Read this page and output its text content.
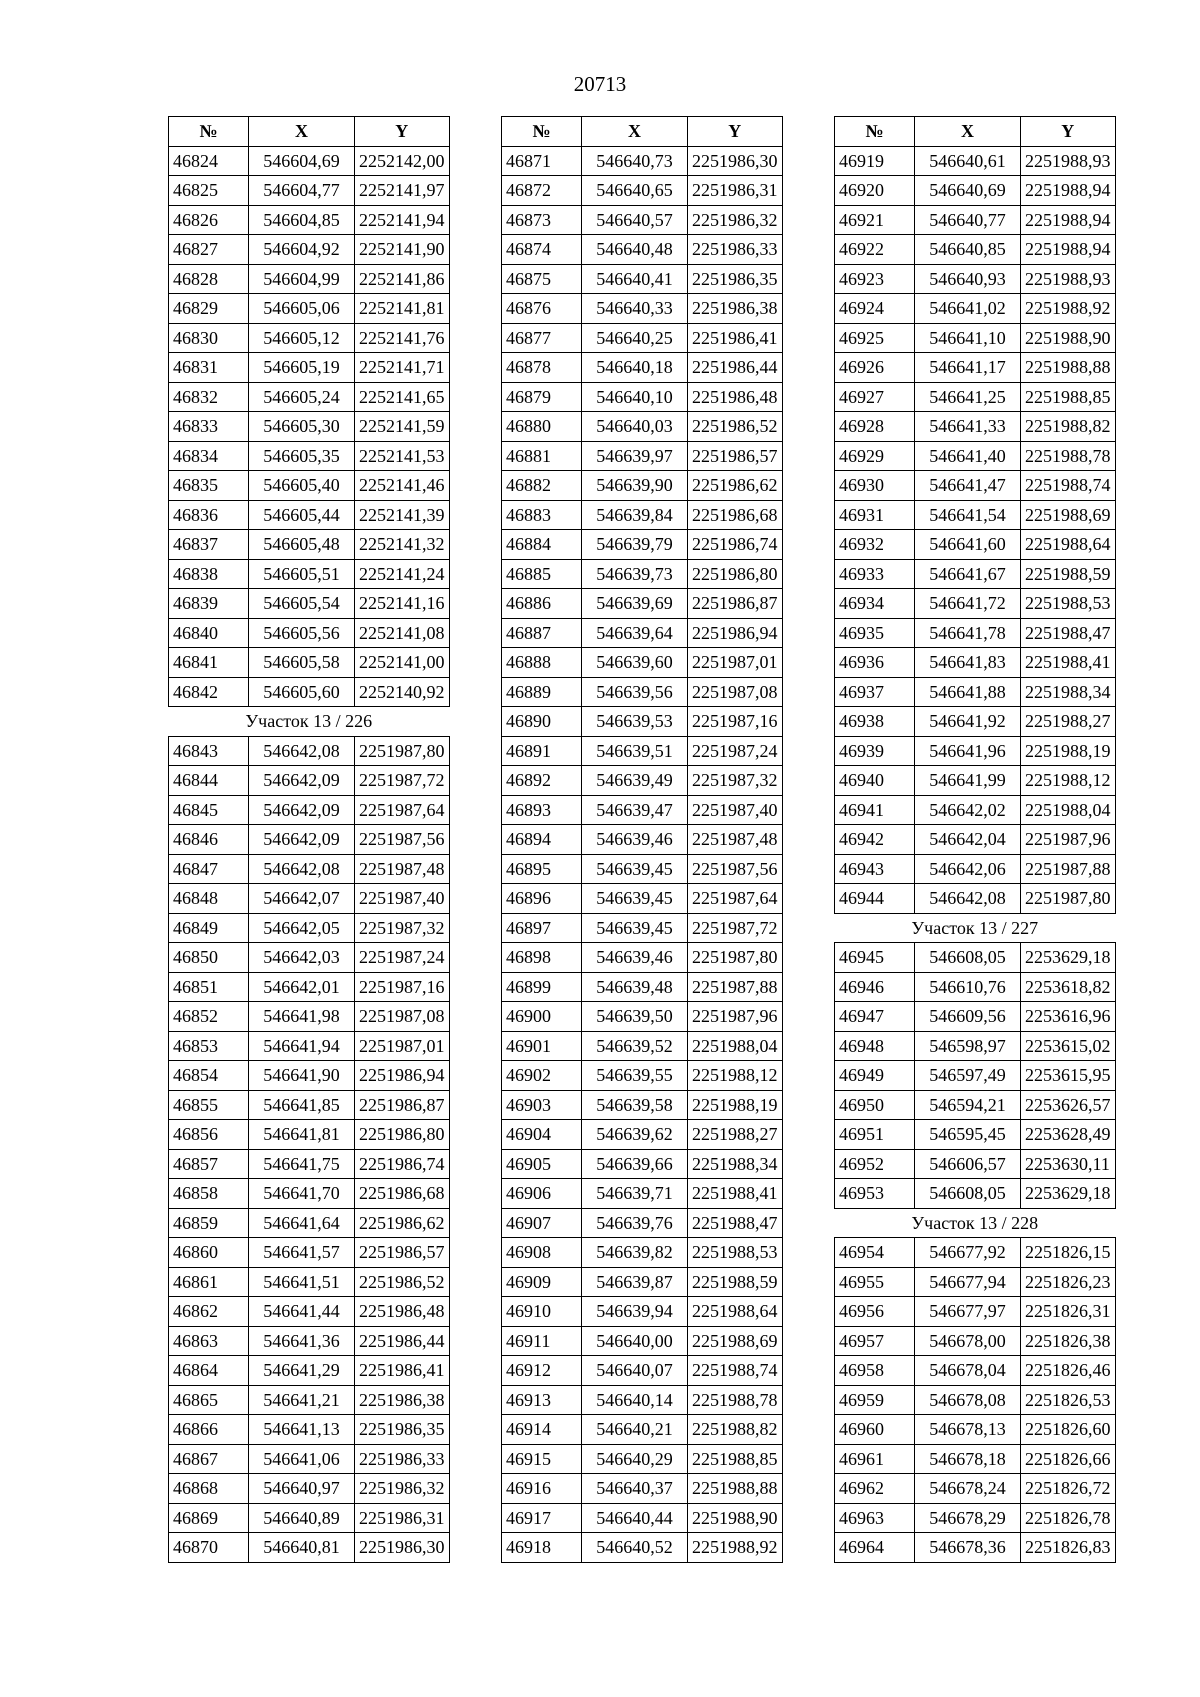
20713
№	X	Y
46824	546604,69	2252142,00
46825	546604,77	2252141,97
46826	546604,85	2252141,94
46827	546604,92	2252141,90
46828	546604,99	2252141,86
46829	546605,06	2252141,81
46830	546605,12	2252141,76
46831	546605,19	2252141,71
46832	546605,24	2252141,65
46833	546605,30	2252141,59
46834	546605,35	2252141,53
46835	546605,40	2252141,46
46836	546605,44	2252141,39
46837	546605,48	2252141,32
46838	546605,51	2252141,24
46839	546605,54	2252141,16
46840	546605,56	2252141,08
46841	546605,58	2252141,00
46842	546605,60	2252140,92
Участок 13 / 226		
46843	546642,08	2251987,80
46844	546642,09	2251987,72
46845	546642,09	2251987,64
46846	546642,09	2251987,56
46847	546642,08	2251987,48
46848	546642,07	2251987,40
46849	546642,05	2251987,32
46850	546642,03	2251987,24
46851	546642,01	2251987,16
46852	546641,98	2251987,08
46853	546641,94	2251987,01
46854	546641,90	2251986,94
46855	546641,85	2251986,87
46856	546641,81	2251986,80
46857	546641,75	2251986,74
46858	546641,70	2251986,68
46859	546641,64	2251986,62
46860	546641,57	2251986,57
46861	546641,51	2251986,52
46862	546641,44	2251986,48
46863	546641,36	2251986,44
46864	546641,29	2251986,41
46865	546641,21	2251986,38
46866	546641,13	2251986,35
46867	546641,06	2251986,33
46868	546640,97	2251986,32
46869	546640,89	2251986,31
46870	546640,81	2251986,30
№	X	Y
46871	546640,73	2251986,30
46872	546640,65	2251986,31
46873	546640,57	2251986,32
46874	546640,48	2251986,33
46875	546640,41	2251986,35
46876	546640,33	2251986,38
46877	546640,25	2251986,41
46878	546640,18	2251986,44
46879	546640,10	2251986,48
46880	546640,03	2251986,52
46881	546639,97	2251986,57
46882	546639,90	2251986,62
46883	546639,84	2251986,68
46884	546639,79	2251986,74
46885	546639,73	2251986,80
46886	546639,69	2251986,87
46887	546639,64	2251986,94
46888	546639,60	2251987,01
46889	546639,56	2251987,08
46890	546639,53	2251987,16
46891	546639,51	2251987,24
46892	546639,49	2251987,32
46893	546639,47	2251987,40
46894	546639,46	2251987,48
46895	546639,45	2251987,56
46896	546639,45	2251987,64
46897	546639,45	2251987,72
46898	546639,46	2251987,80
46899	546639,48	2251987,88
46900	546639,50	2251987,96
46901	546639,52	2251988,04
46902	546639,55	2251988,12
46903	546639,58	2251988,19
46904	546639,62	2251988,27
46905	546639,66	2251988,34
46906	546639,71	2251988,41
46907	546639,76	2251988,47
46908	546639,82	2251988,53
46909	546639,87	2251988,59
46910	546639,94	2251988,64
46911	546640,00	2251988,69
46912	546640,07	2251988,74
46913	546640,14	2251988,78
46914	546640,21	2251988,82
46915	546640,29	2251988,85
46916	546640,37	2251988,88
46917	546640,44	2251988,90
46918	546640,52	2251988,92
№	X	Y
46919	546640,61	2251988,93
46920	546640,69	2251988,94
46921	546640,77	2251988,94
46922	546640,85	2251988,94
46923	546640,93	2251988,93
46924	546641,02	2251988,92
46925	546641,10	2251988,90
46926	546641,17	2251988,88
46927	546641,25	2251988,85
46928	546641,33	2251988,82
46929	546641,40	2251988,78
46930	546641,47	2251988,74
46931	546641,54	2251988,69
46932	546641,60	2251988,64
46933	546641,67	2251988,59
46934	546641,72	2251988,53
46935	546641,78	2251988,47
46936	546641,83	2251988,41
46937	546641,88	2251988,34
46938	546641,92	2251988,27
46939	546641,96	2251988,19
46940	546641,99	2251988,12
46941	546642,02	2251988,04
46942	546642,04	2251987,96
46943	546642,06	2251987,88
46944	546642,08	2251987,80
Участок 13 / 227		
46945	546608,05	2253629,18
46946	546610,76	2253618,82
46947	546609,56	2253616,96
46948	546598,97	2253615,02
46949	546597,49	2253615,95
46950	546594,21	2253626,57
46951	546595,45	2253628,49
46952	546606,57	2253630,11
46953	546608,05	2253629,18
Участок 13 / 228		
46954	546677,92	2251826,15
46955	546677,94	2251826,23
46956	546677,97	2251826,31
46957	546678,00	2251826,38
46958	546678,04	2251826,46
46959	546678,08	2251826,53
46960	546678,13	2251826,60
46961	546678,18	2251826,66
46962	546678,24	2251826,72
46963	546678,29	2251826,78
46964	546678,36	2251826,83
